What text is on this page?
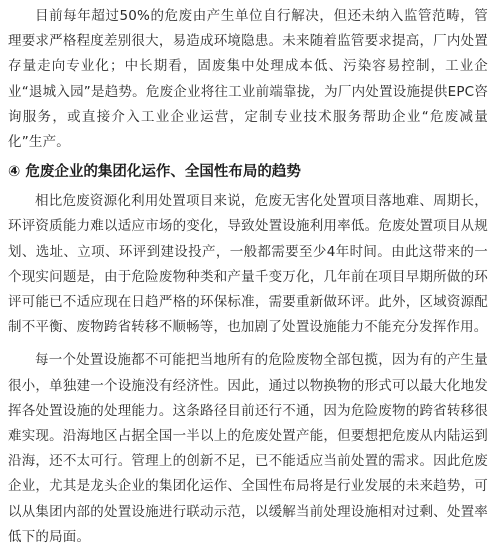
目前每年超过50%的危废由产生单位自行解决，但还未纳入监管范畴，管理要求严格程度差别很大，易造成环境隐患。未来随着监管要求提高，厂内处置存量走向专业化；中长期看，固废集中处理成本低、污染容易控制，工业企业“退城入园”是趋势。危废企业将往工业前端靠拢，为厂内处置设施提供EPC咨询服务，或直接介入工业企业运营，定制专业技术服务帮助企业“危废减量化”生产。

④ 危废企业的集团化运作、全国性布局的趋势

相比危废资源化利用处置项目来说，危废无害化处置项目落地难、周期长，环评资质能力难以适应市场的变化，导致处置设施利用率低。危废处置项目从规划、选址、立项、环评到建设投产，一般都需要至少4年时间。由此这带来的一个现实问题是，由于危险废物种类和产量千变万化，几年前在项目早期所做的环评可能已不适应现在日趋严格的环保标准，需要重新做环评。此外，区域资源配制不平衡、废物跨省转移不顺畅等，也加剧了处置设施能力不能充分发挥作用。

每一个处置设施都不可能把当地所有的危险废物全部包揽，因为有的产生量很小，单独建一个设施没有经济性。因此，通过以物换物的形式可以最大化地发挥各处置设施的处理能力。这条路径目前还行不通，因为危险废物的跨省转移很难实现。沿海地区占据全国一半以上的危废处置产能，但要想把危废从内陆运到沿海，还不太可行。管理上的创新不足，已不能适应当前处置的需求。因此危废企业，尤其是龙头企业的集团化运作、全国性布局将是行业发展的未来趋势，可以从集团内部的处置设施进行联动示范，以缓解当前处理设施相对过剩、处置率低下的局面。
